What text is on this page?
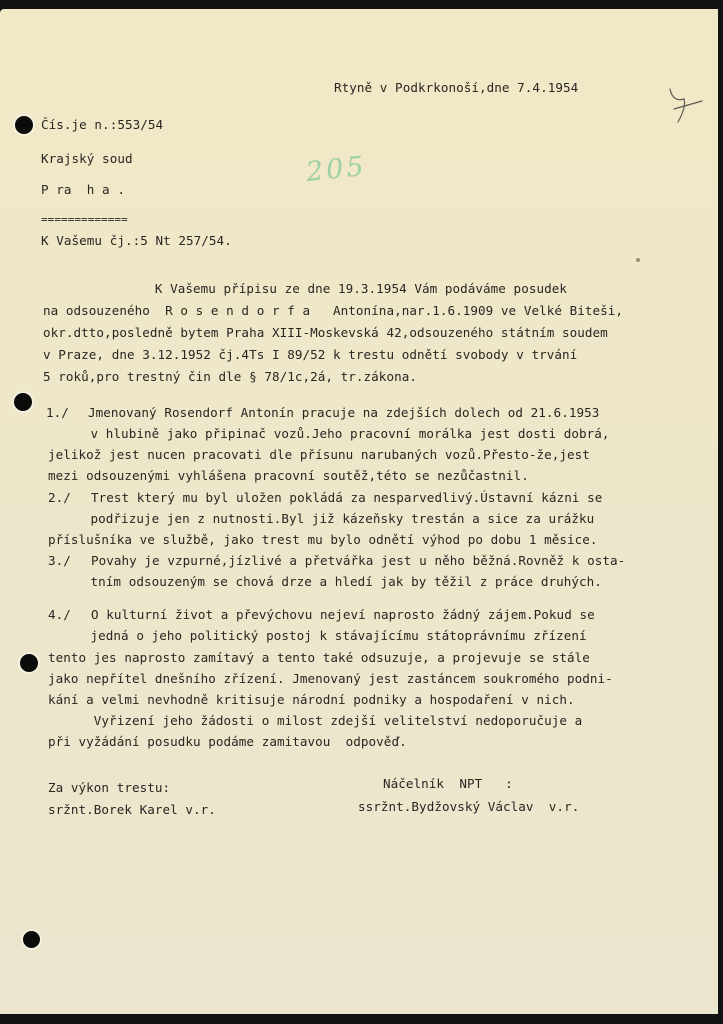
Rtyně v Podkrkonoší,dne 7.4.1954
Čís.je n.:553/54
205
Krajský soud
P ra  h a .
=============
K Vašemu čj.:5 Nt 257/54.
K Vašemu přípisu ze dne 19.3.1954 Vám podáváme posudek
na odsouzeného  R o s e n d o r f a   Antonína,nar.1.6.1909 ve Velké Biteši,
okr.dtto,posledně bytem Praha XIII-Moskevská 42,odsouzeného státním soudem
v Praze, dne 3.12.1952 čj.4Ts I 89/52 k trestu odnětí svobody v trvání
5 roků,pro trestný čin dle § 78/1c,2á, tr.zákona.
1./ Jmenovaný Rosendorf Antonín pracuje na zdejších dolech od 21.6.1953
v hlubině jako připinač vozů.Jeho pracovní morálka jest dosti dobrá,
jelikož jest nucen pracovati dle přísunu narubaných vozů.Přesto-že,jest
mezi odsouzenými vyhlášena pracovní soutěž,této se nezůčastnil.
2./ Trest který mu byl uložen pokládá za nesparvedlivý.Ústavní kázni se
podřizuje jen z nutnosti.Byl již kázeňsky trestán a sice za urážku
příslušníka ve službě, jako trest mu bylo odnětí výhod po dobu 1 měsice.
3./ Povahy je vzpurné,jízlivé a přetvářka jest u něho běžná.Rovněž k osta-
tním odsouzeným se chová drze a hledí jak by těžil z práce druhých.
4./ O kulturní život a převýchovu nejeví naprosto žádný zájem.Pokud se
jedná o jeho politický postoj k stávajícímu státoprávnímu zřízení
tento jes naprosto zamítavý a tento také odsuzuje, a projevuje se stále
jako nepřítel dnešního zřízení. Jmenovaný jest zastáncem soukromého podni-
kání a velmi nevhodně kritisuje národní podniky a hospodaření v nich.
Vyřizení jeho žádosti o milost zdejší velitelství nedoporučuje a
při vyžádání posudku podáme zamitavou  odpověď.
Za výkon trestu:
sržnt.Borek Karel v.r.
Náčelník  NPT   :
ssržnt.Bydžovský Václav  v.r.
